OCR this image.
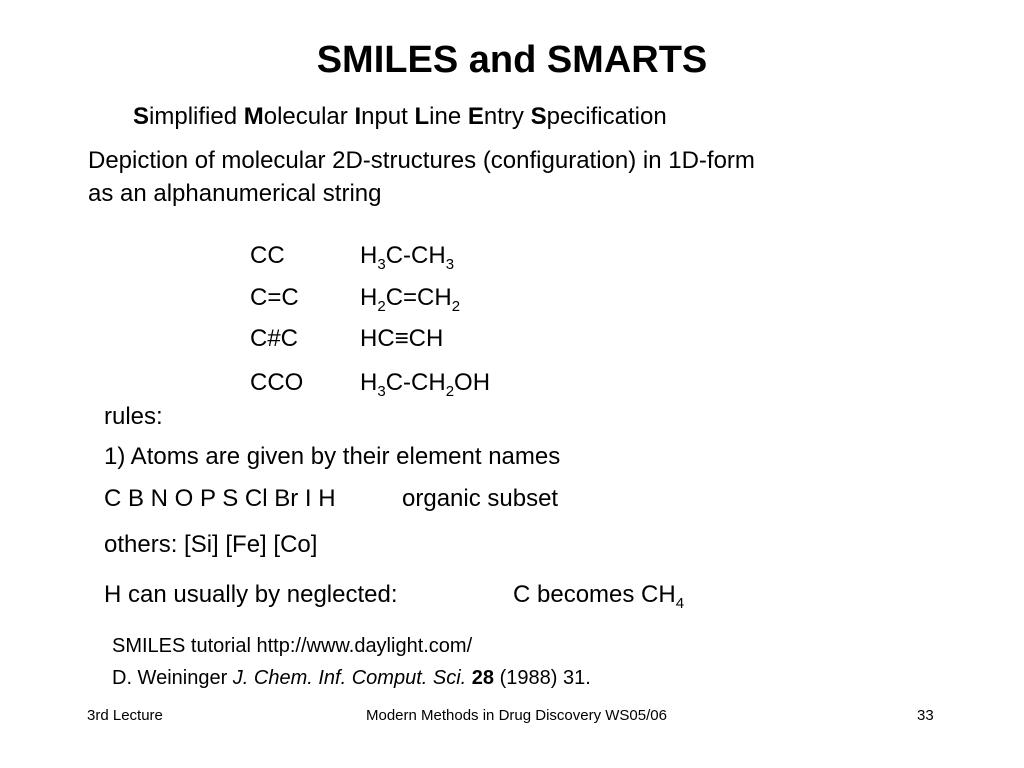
SMILES and SMARTS
Simplified Molecular Input Line Entry Specification
Depiction of molecular 2D-structures (configuration) in 1D-form
as an alphanumerical string
CC	$H_3C-CH_3$
C=C	$H_2C=CH_2$
C#C	HC≡CH
CCO $H_3C-CH_2OH$
rules:
1) Atoms are given by their element names
C B N O P S Cl Br I H	organic subset
others: [Si] [Fe] [Co]
H can usually by neglected:	C becomes $CH_4$
SMILES tutorial http://www.daylight.com/
D. Weininger J. Chem. Inf. Comput. Sci. 28 (1988) 31.
3rd Lecture	Modern Methods in Drug Discovery WS05/06	33
